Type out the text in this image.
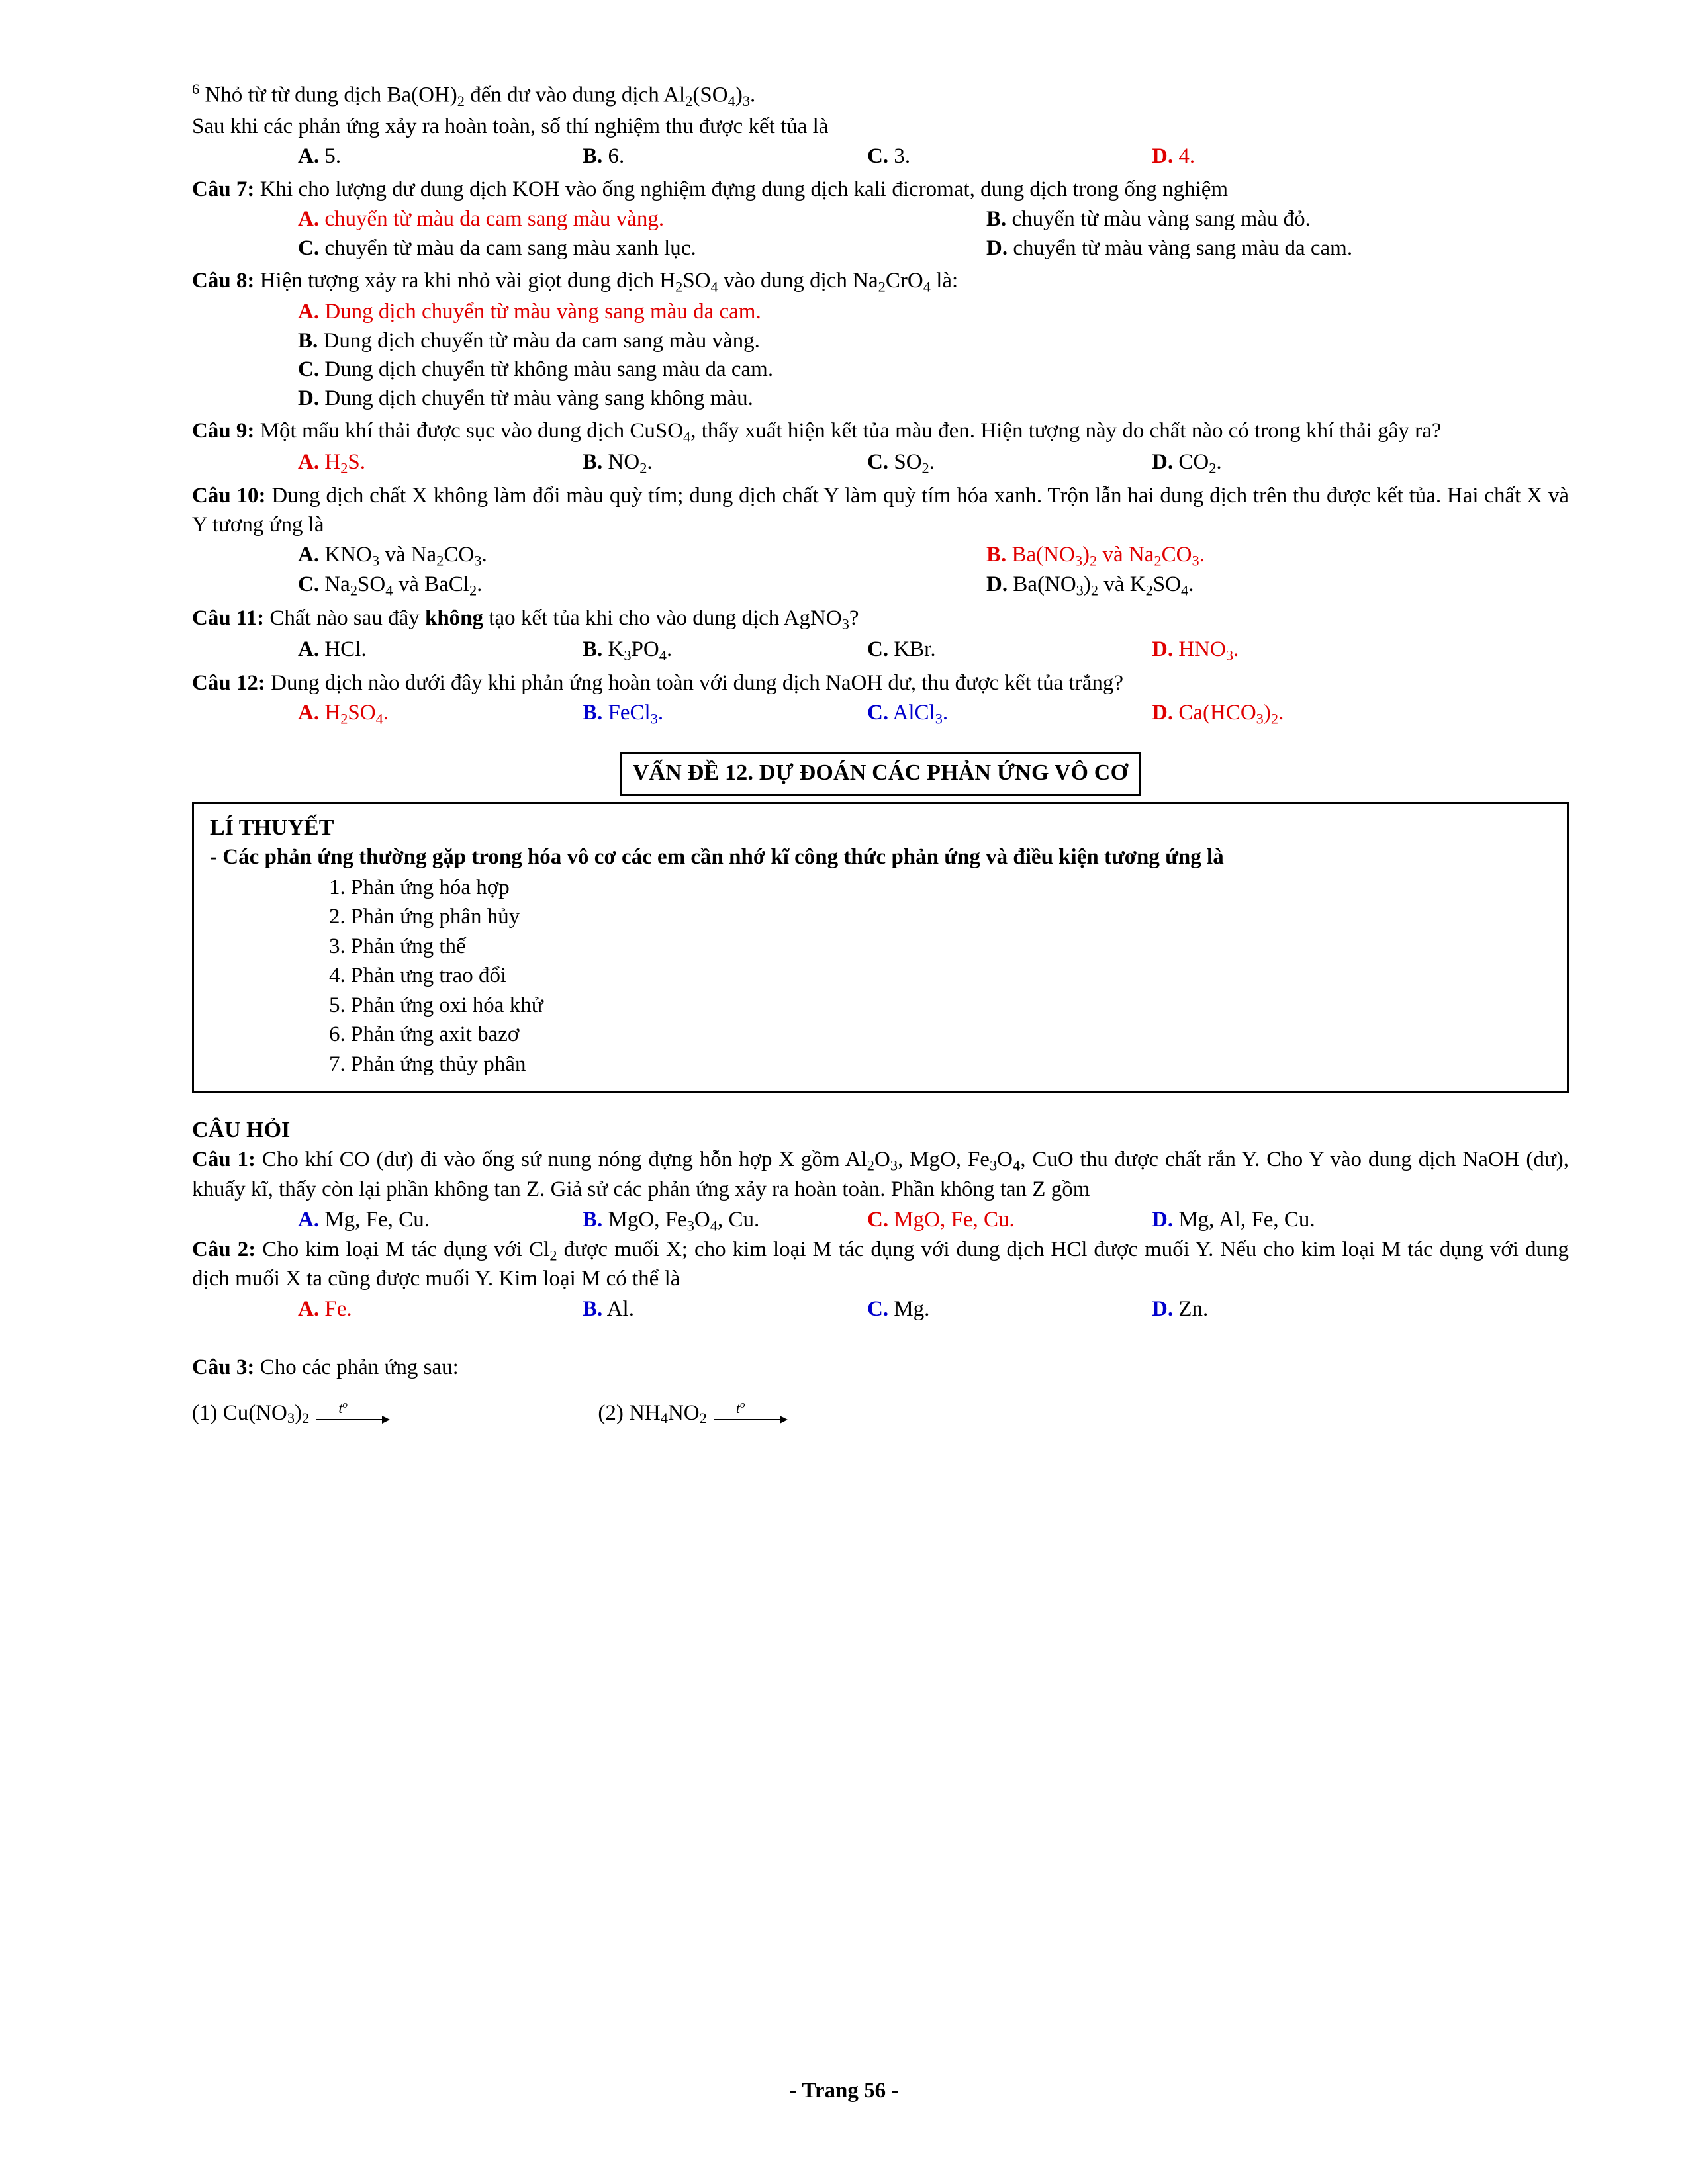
$^6$ Nhỏ từ từ dung dịch $Ba(OH)_2$ đến dư vào dung dịch $Al_2(SO_4)_3$.
Sau khi các phản ứng xảy ra hoàn toàn, số thí nghiệm thu được kết tủa là
A. 5.	B. 6.	C. 3.	D. 4.
Câu 7: Khi cho lượng dư dung dịch KOH vào ống nghiệm đựng dung dịch kali đicromat, dung dịch trong ống nghiệm
A. chuyển từ màu da cam sang màu vàng.	B. chuyển từ màu vàng sang màu đỏ.
C. chuyển từ màu da cam sang màu xanh lục.	D. chuyển từ màu vàng sang màu da cam.
Câu 8: Hiện tượng xảy ra khi nhỏ vài giọt dung dịch $H_2SO_4$ vào dung dịch $Na_2CrO_4$ là:
A. Dung dịch chuyển từ màu vàng sang màu da cam.
B. Dung dịch chuyển từ màu da cam sang màu vàng.
C. Dung dịch chuyển từ không màu sang màu da cam.
D. Dung dịch chuyển từ màu vàng sang không màu.
Câu 9: Một mẩu khí thải được sục vào dung dịch CuSO$_4$, thấy xuất hiện kết tủa màu đen. Hiện tượng này do chất nào có trong khí thải gây ra?
A. $H_2S$.	B. $NO_2$.	C. $SO_2$.	D. $CO_2$.
Câu 10: Dung dịch chất X không làm đổi màu quỳ tím; dung dịch chất Y làm quỳ tím hóa xanh. Trộn lẫn hai dung dịch trên thu được kết tủa. Hai chất X và Y tương ứng là
A. $KNO_3$ và $Na_2CO_3$.	B. $Ba(NO_3)_2$ và $Na_2CO_3$.
C. $Na_2SO_4$ và BaCl$_2$.	D. $Ba(NO_3)_2$ và $K_2SO_4$.
Câu 11: Chất nào sau đây không tạo kết tủa khi cho vào dung dịch AgNO$_3$?
A. HCl.	B. $K_3PO_4$.	C. KBr.	D. $HNO_3$.
Câu 12: Dung dịch nào dưới đây khi phản ứng hoàn toàn với dung dịch NaOH dư, thu được kết tủa trắng?
A. $H_2SO_4$.	B. FeCl$_3$.	C. AlCl$_3$.	D. $Ca(HCO_3)_2$.
VẤN ĐỀ 12. DỰ ĐOÁN CÁC PHẢN ỨNG VÔ CƠ
LÍ THUYẾT
- Các phản ứng thường gặp trong hóa vô cơ các em cần nhớ kĩ công thức phản ứng và điều kiện tương ứng là
1. Phản ứng hóa hợp
2. Phản ứng phân hủy
3. Phản ứng thế
4. Phản ưng trao đổi
5. Phản ứng oxi hóa khử
6. Phản ứng axit bazơ
7. Phản ứng thủy phân
CÂU HỎI
Câu 1: Cho khí CO (dư) đi vào ống sứ nung nóng đựng hỗn hợp X gồm $Al_2O_3$, MgO, $Fe_3O_4$, CuO thu được chất rắn Y. Cho Y vào dung dịch NaOH (dư), khuấy kĩ, thấy còn lại phần không tan Z. Giả sử các phản ứng xảy ra hoàn toàn. Phần không tan Z gồm
A. Mg, Fe, Cu.	B. MgO, $Fe_3O_4$, Cu.	C. MgO, Fe, Cu.	D. Mg, Al, Fe, Cu.
Câu 2: Cho kim loại M tác dụng với $Cl_2$ được muối X; cho kim loại M tác dụng với dung dịch HCl được muối Y. Nếu cho kim loại M tác dụng với dung dịch muối X ta cũng được muối Y. Kim loại M có thể là
A. Fe.	B. Al.	C. Mg.	D. Zn.
Câu 3: Cho các phản ứng sau:
(1) $Cu(NO_3$ )$_2$
$t^o$	(2) $NH_4$ $NO_2$
$t^o$
- Trang 56 -
